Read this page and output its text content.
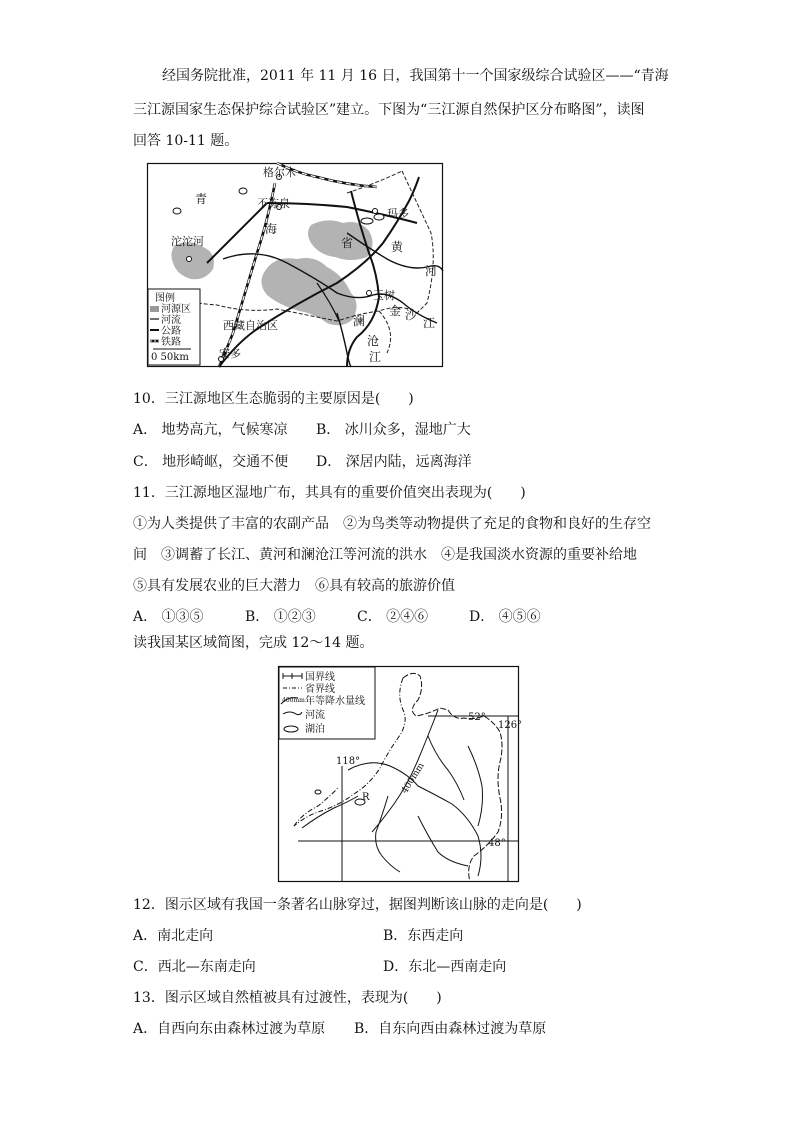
经国务院批准，2011 年 11 月 16 日，我国第十一个国家级综合试验区——“青海
三江源国家生态保护综合试验区”建立。下图为“三江源自然保护区分布略图”，读图
回答 10-11 题。
格尔木
青	不冻泉
玛多
海
省	黄
河
沱沱河
玉树
金 沙
江
澜
沧
江
西藏自治区
安多
图例
河源区
河流
公路
铁路
0 50km
10．三江源地区生态脆弱的主要原因是(　　)
A． 地势高亢，气候寒凉 B． 冰川众多，湿地广大
C． 地形崎岖，交通不便 D． 深居内陆，远离海洋
11．三江源地区湿地广布，其具有的重要价值突出表现为(　　)
①为人类提供了丰富的农副产品　②为鸟类等动物提供了充足的食物和良好的生存空
间　③调蓄了长江、黄河和澜沧江等河流的洪水　④是我国淡水资源的重要补给地
⑤具有发展农业的巨大潜力　⑥具有较高的旅游价值
A． ①③⑤	B． ①②③	C． ②④⑥	D． ④⑤⑥
读我国某区域简图，完成 12～14 题。
国界线
省界线
400mm 年等降水量线
河流
湖泊
400mm
52°
126°
118°
48°
R
12．图示区域有我国一条著名山脉穿过，据图判断该山脉的走向是(　　)
A．南北走向	B．东西走向
C．西北—东南走向	D．东北—西南走向
13．图示区域自然植被具有过渡性，表现为(　　)
A．自西向东由森林过渡为草原 B．自东向西由森林过渡为草原
